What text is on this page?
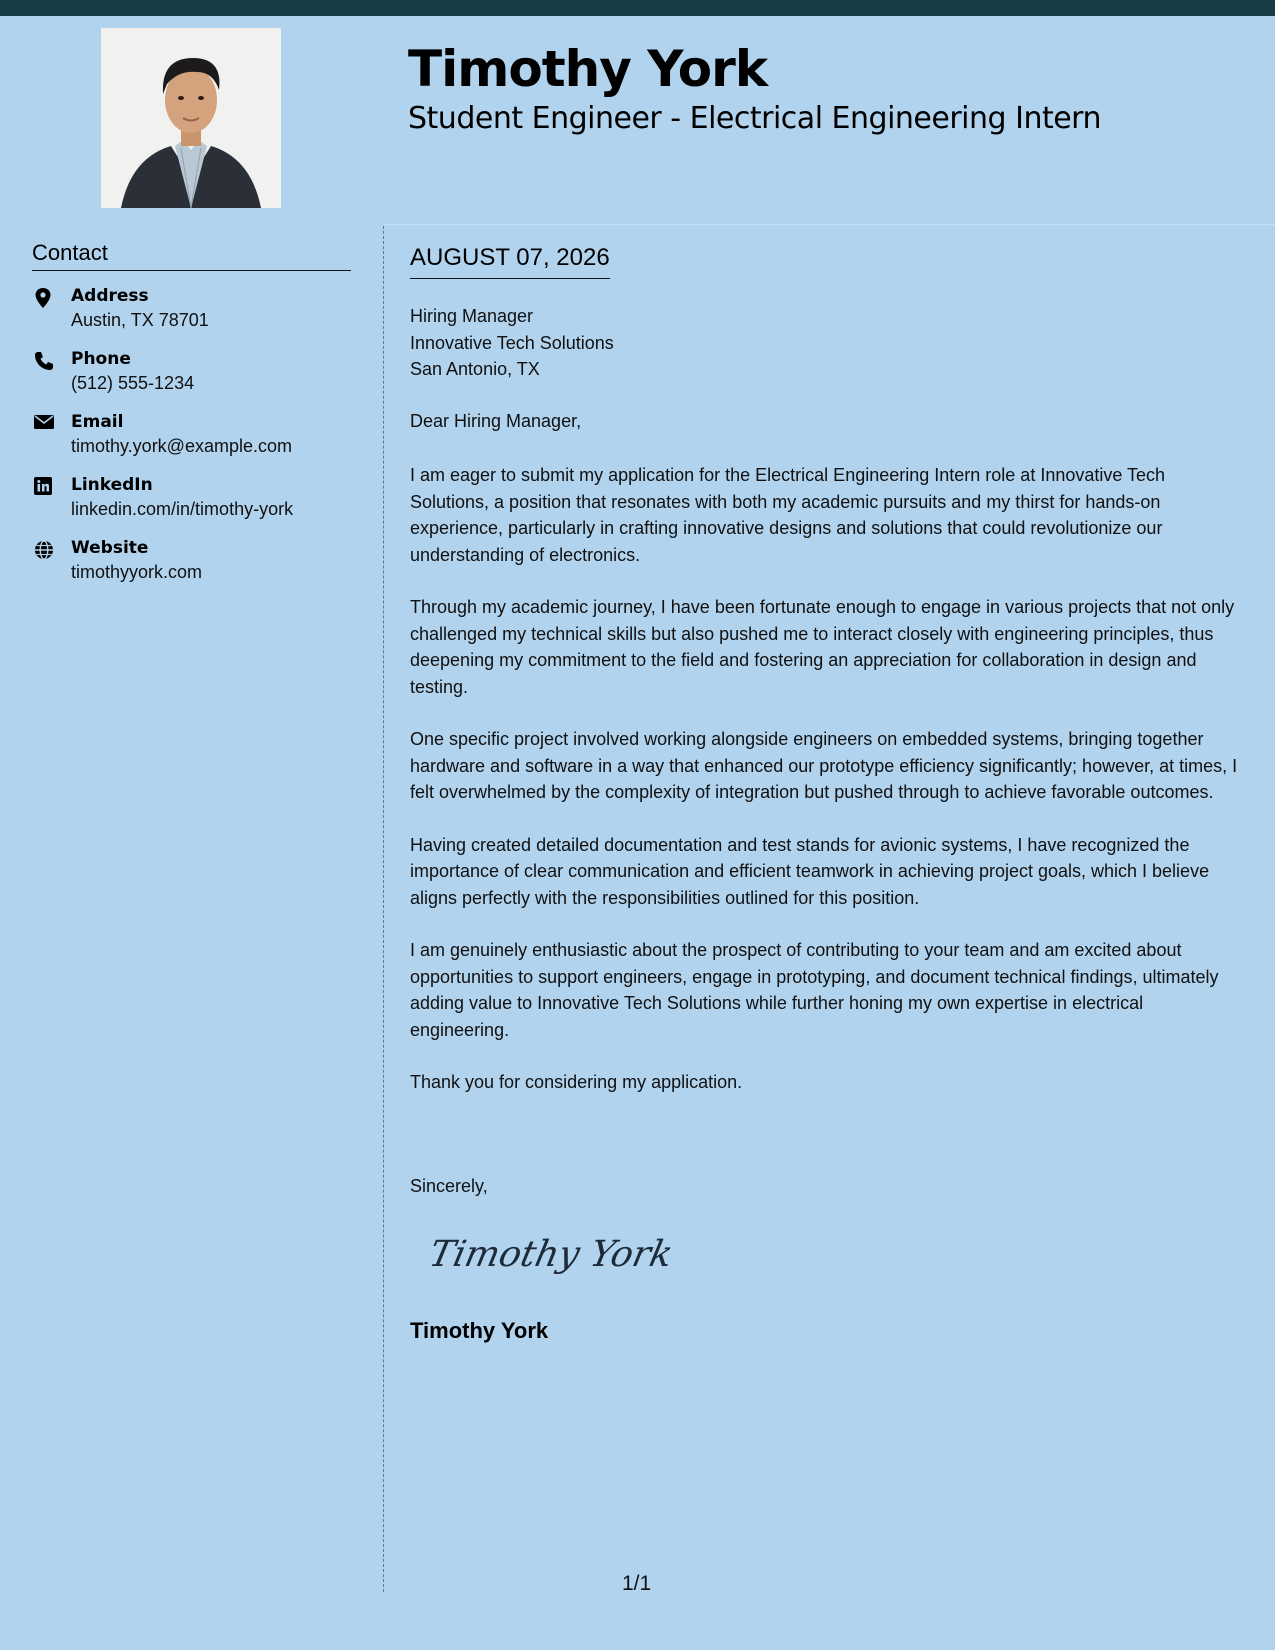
Timothy York
Student Engineer - Electrical Engineering Intern
Contact
Address
Austin, TX 78701
Phone
(512) 555-1234
Email
timothy.york@example.com
LinkedIn
linkedin.com/in/timothy-york
Website
timothyyork.com
AUGUST 07, 2026
Hiring Manager
Innovative Tech Solutions
San Antonio, TX
Dear Hiring Manager,

I am eager to submit my application for the Electrical Engineering Intern role at Innovative Tech Solutions, a position that resonates with both my academic pursuits and my thirst for hands-on experience, particularly in crafting innovative designs and solutions that could revolutionize our understanding of electronics.

Through my academic journey, I have been fortunate enough to engage in various projects that not only challenged my technical skills but also pushed me to interact closely with engineering principles, thus deepening my commitment to the field and fostering an appreciation for collaboration in design and testing.

One specific project involved working alongside engineers on embedded systems, bringing together hardware and software in a way that enhanced our prototype efficiency significantly; however, at times, I felt overwhelmed by the complexity of integration but pushed through to achieve favorable outcomes.

Having created detailed documentation and test stands for avionic systems, I have recognized the importance of clear communication and efficient teamwork in achieving project goals, which I believe aligns perfectly with the responsibilities outlined for this position.

I am genuinely enthusiastic about the prospect of contributing to your team and am excited about opportunities to support engineers, engage in prototyping, and document technical findings, ultimately adding value to Innovative Tech Solutions while further honing my own expertise in electrical engineering.

Thank you for considering my application.

Sincerely,
Timothy York
Timothy York
1/1
